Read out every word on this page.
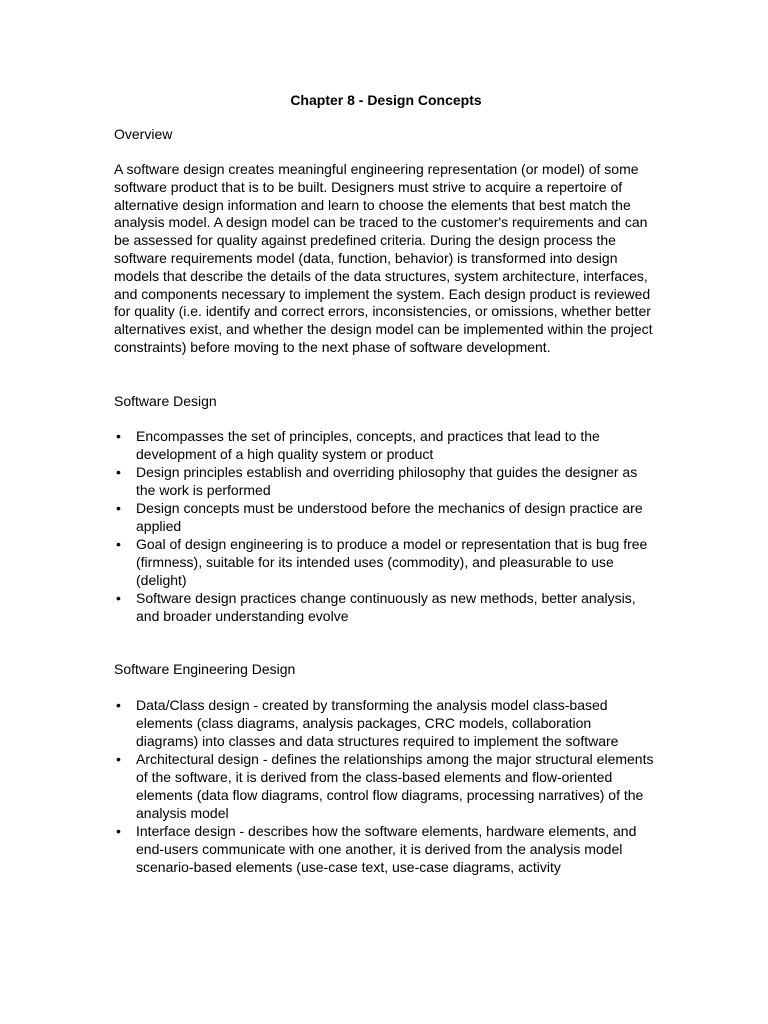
Chapter 8 - Design Concepts
Overview

A software design creates meaningful engineering representation (or model) of some software product that is to be built. Designers must strive to acquire a repertoire of alternative design information and learn to choose the elements that best match the analysis model. A design model can be traced to the customer's requirements and can be assessed for quality against predefined criteria. During the design process the software requirements model (data, function, behavior) is transformed into design models that describe the details of the data structures, system architecture, interfaces, and components necessary to implement the system. Each design product is reviewed for quality (i.e. identify and correct errors, inconsistencies, or omissions, whether better alternatives exist, and whether the design model can be implemented within the project constraints) before moving to the next phase of software development.

Software Design
• Encompasses the set of principles, concepts, and practices that lead to the development of a high quality system or product
• Design principles establish and overriding philosophy that guides the designer as the work is performed
• Design concepts must be understood before the mechanics of design practice are applied
• Goal of design engineering is to produce a model or representation that is bug free (firmness), suitable for its intended uses (commodity), and pleasurable to use (delight)
• Software design practices change continuously as new methods, better analysis, and broader understanding evolve
Software Engineering Design
• Data/Class design - created by transforming the analysis model class-based elements (class diagrams, analysis packages, CRC models, collaboration diagrams) into classes and data structures required to implement the software
• Architectural design - defines the relationships among the major structural elements of the software, it is derived from the class-based elements and flow-oriented elements (data flow diagrams, control flow diagrams, processing narratives) of the analysis model
• Interface design - describes how the software elements, hardware elements, and end-users communicate with one another, it is derived from the analysis model scenario-based elements (use-case text, use-case diagrams, activity
